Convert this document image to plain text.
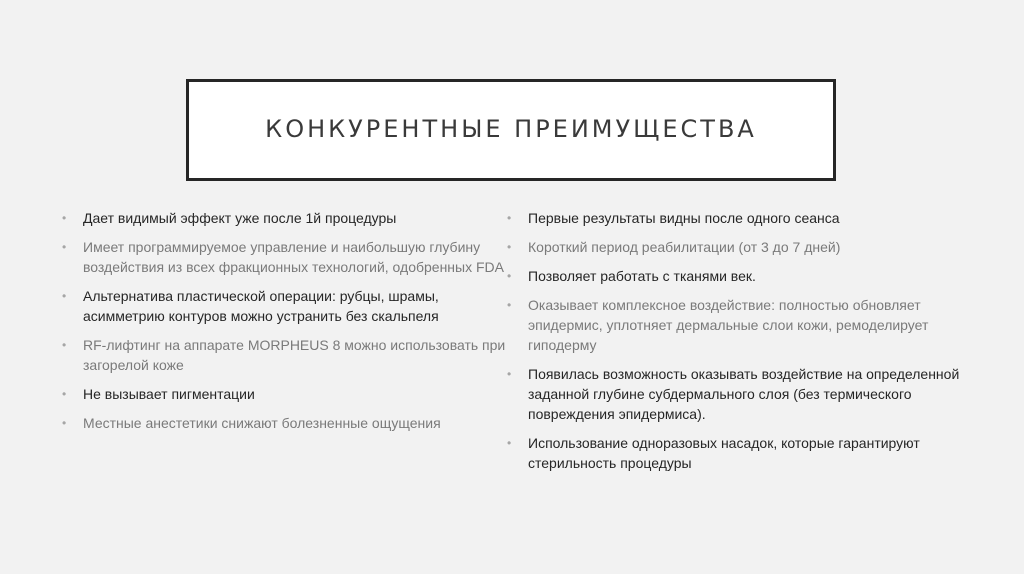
КОНКУРЕНТНЫЕ ПРЕИМУЩЕСТВА
• Дает видимый эффект уже после 1й процедуры
• Имеет программируемое управление и наибольшую глубину воздействия из всех фракционных технологий, одобренных FDA
• Альтернатива пластической операции: рубцы, шрамы, асимметрию контуров можно устранить без скальпеля
• RF-лифтинг на аппарате MORPHEUS 8 можно использовать при загорелой коже
• Не вызывает пигментации
• Местные анестетики снижают болезненные ощущения
• Первые результаты видны после одного сеанса
• Короткий период реабилитации (от 3 до 7 дней)
• Позволяет работать с тканями век.
• Оказывает комплексное воздействие: полностью обновляет эпидермис, уплотняет дермальные слои кожи, ремоделирует гиподерму
• Появилась возможность оказывать воздействие на определенной заданной глубине субдермального слоя (без термического повреждения эпидермиса).
• Использование одноразовых насадок, которые гарантируют стерильность процедуры
